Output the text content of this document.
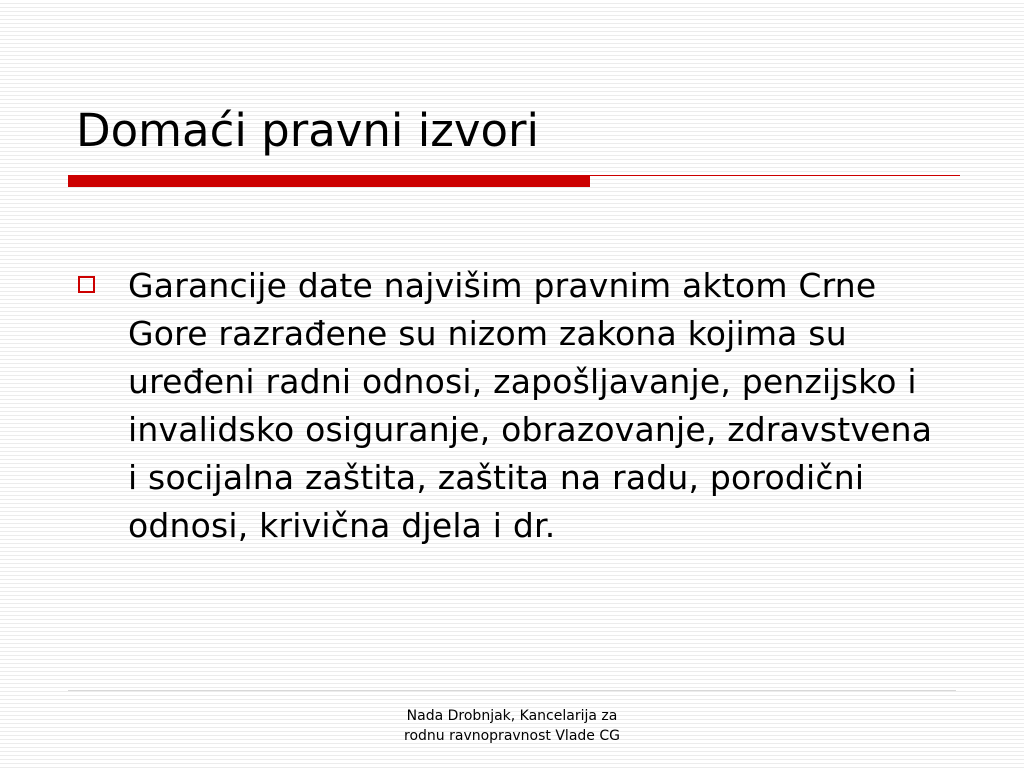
Domaći pravni izvori
Garancije date najvišim pravnim aktom Crne Gore razrađene su nizom zakona kojima su uređeni radni odnosi, zapošljavanje, penzijsko i invalidsko osiguranje, obrazovanje, zdravstvena i socijalna zaštita, zaštita na radu, porodični odnosi, krivična djela i dr.
Nada Drobnjak, Kancelarija za
rodnu ravnopravnost Vlade CG
